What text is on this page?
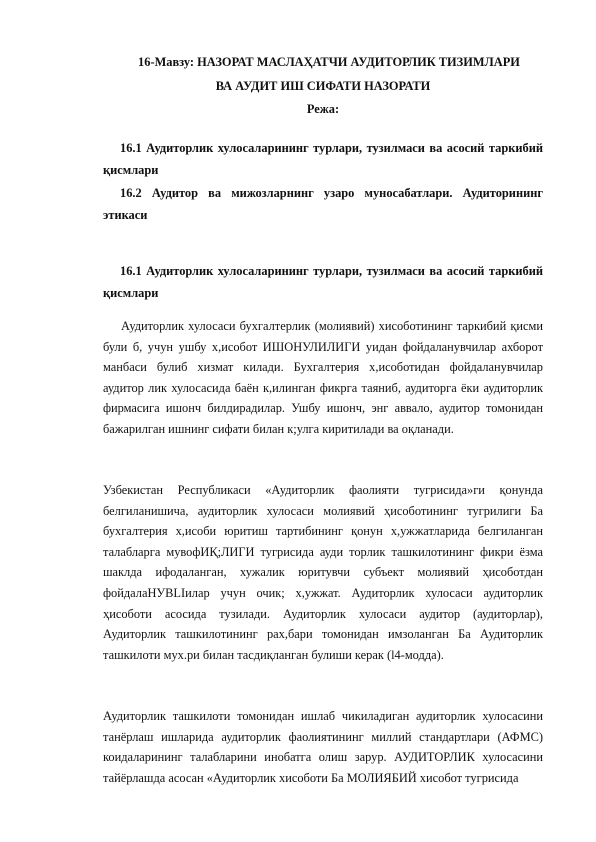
16-Мавзу: НАЗОРАТ МАСЛАҲАТЧИ АУДИТОРЛИК ТИЗИМЛАРИ
ВА АУДИТ ИШ СИФАТИ НАЗОРАТИ
Режа:
16.1 Аудиторлик хулосаларининг турлари, тузилмаси ва асосий таркибий қисмлари
16.2 Аудитор ва мижозларнинг узаро муносабатлари. Аудиторининг этикаси
16.1 Аудиторлик хулосаларининг турлари, тузилмаси ва асосий таркибий қисмлари
Аудиторлик хулосаси бухгалтерлик (молиявий) хисоботининг таркибий қисми були б, учун ушбу х,исобот ИШОНУЛИЛИГИ уидан фойдаланувчилар ахборот манбаси булиб хизмат килади. Бухгалтерия х,исоботидан фойдаланувчилар аудитор лик хулосасида баён к,илинган фикрга таяниб, аудиторга ёки аудиторлик фирмасига ишонч билдирадилар. Ушбу ишонч, энг аввало, аудитор томонидан бажарилган ишнинг сифати билан к;улга киритилади ва оқланади.
Узбекистан Республикаси «Аудиторлик фаолияти тугрисида»ги қонунда белгиланишича, аудиторлик хулосаси молиявий ҳисоботининг тугрилиги Ба бухгалтерия х,исоби юритиш тартибининг қонун х,ужжатларида белгиланган талабларга мувофИҚ;ЛИГИ тугрисида ауди торлик ташкилотининг фикри ёзма шаклда ифодаланган, хужалик юритувчи субъект молиявий ҳисоботдан фойдалаНУВLIилар учун очик; х,ужжат. Аудиторлик хулосаси аудиторлик ҳисоботи асосида тузилади. Аудиторлик хулосаси аудитор (аудиторлар), Аудиторлик ташкилотининг рах,бари томонидан имзоланган Ба Аудиторлик ташкилоти мух.ри билан тасдиқланган булиши керак (l4-модда).
Аудиторлик ташкилоти томонидан ишлаб чикиладиган аудиторлик хулосасини танёрлаш ишларида аудиторлик фаолиятининг миллий стандартлари (АФМС) коидаларининг талабларини инобатга олиш зарур. АУДИТОРЛИК хулосасини тайёрлашда асосан «Аудиторлик хисоботи Ба МОЛИЯБИЙ хисобот тугрисида
